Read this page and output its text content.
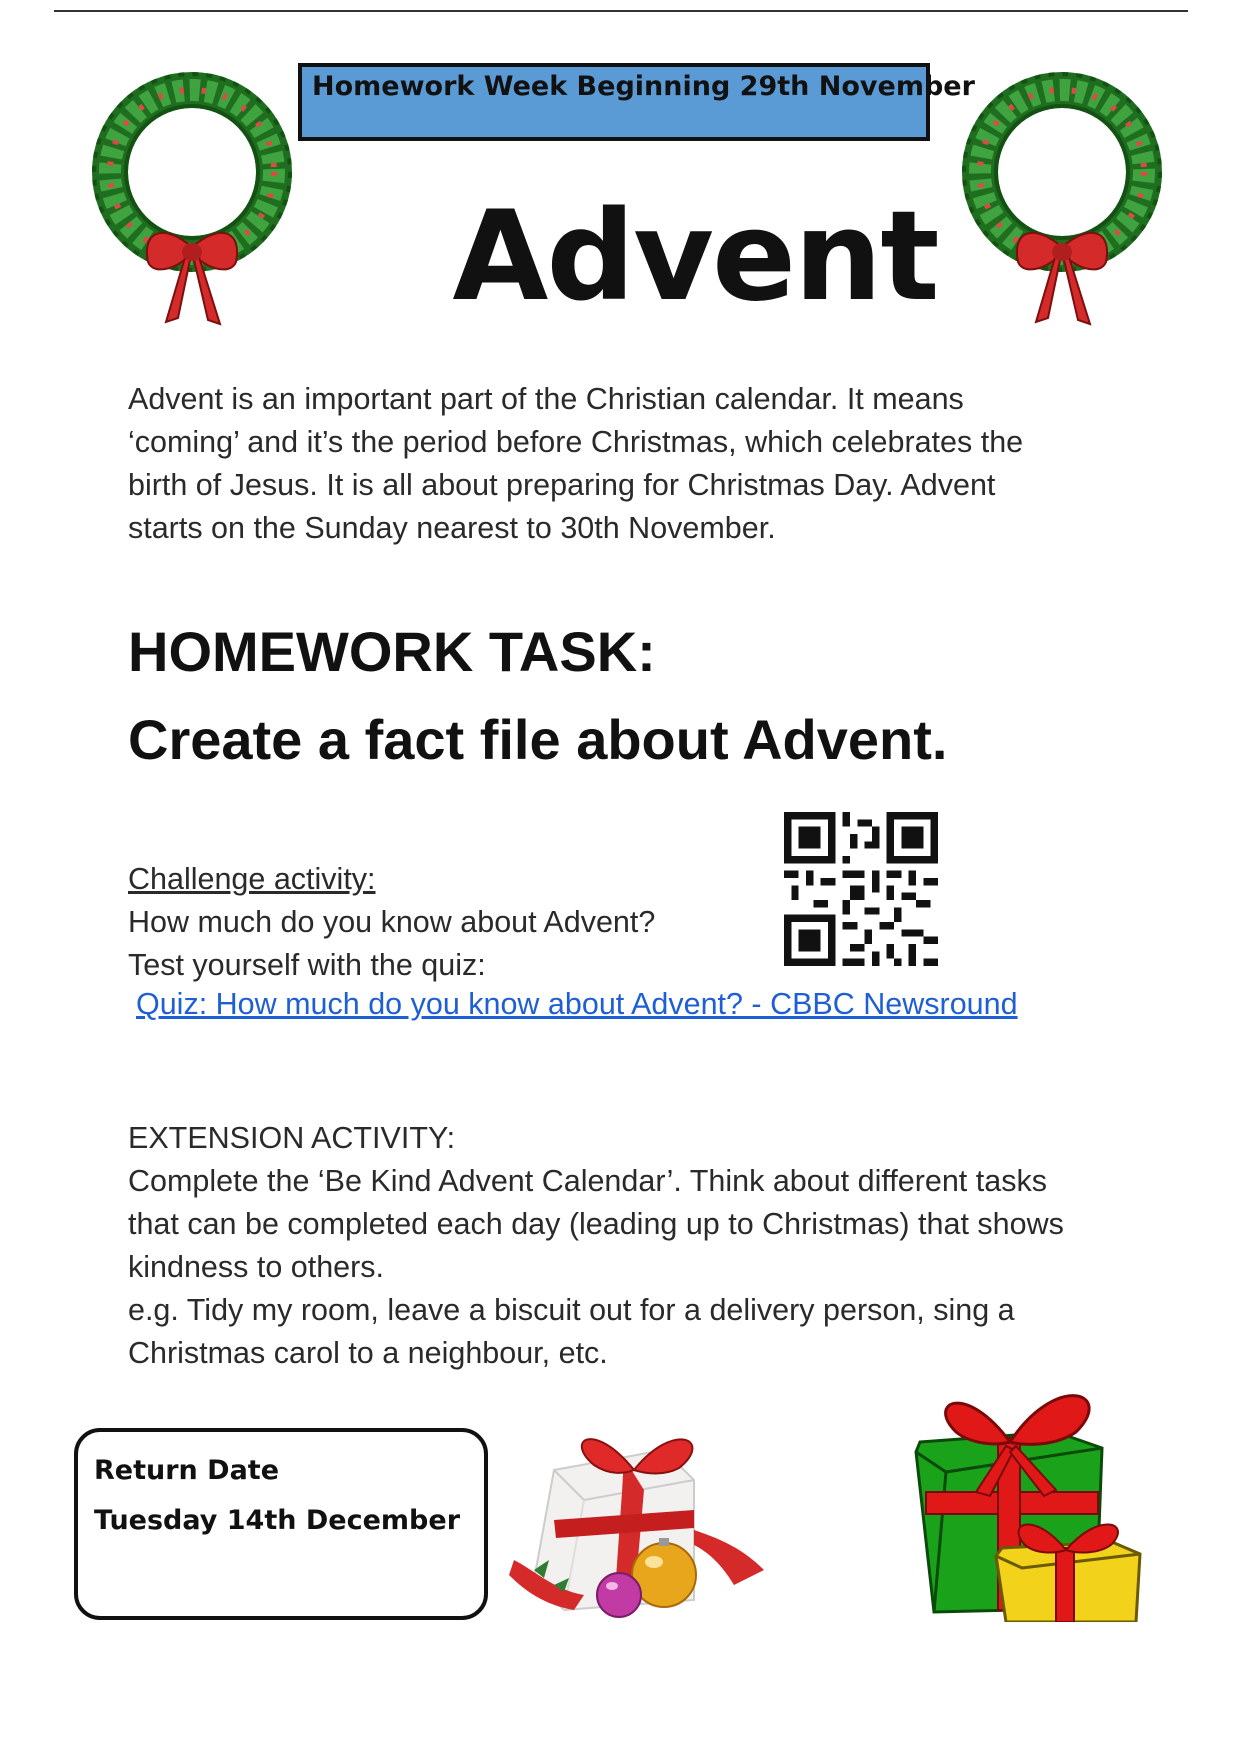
Homework Week Beginning 29th November
Advent
Advent is an important part of the Christian calendar. It means
‘coming’ and it’s the period before Christmas, which celebrates the
birth of Jesus. It is all about preparing for Christmas Day. Advent
starts on the Sunday nearest to 30th November.
HOMEWORK TASK:
Create a fact file about Advent.
Challenge activity:
How much do you know about Advent?
Test yourself with the quiz:
Quiz: How much do you know about Advent? - CBBC Newsround
EXTENSION ACTIVITY:
Complete the ‘Be Kind Advent Calendar’. Think about different tasks
that can be completed each day (leading up to Christmas) that shows
kindness to others.
e.g. Tidy my room, leave a biscuit out for a delivery person, sing a
Christmas carol to a neighbour, etc.
Return Date
Tuesday 14th December
